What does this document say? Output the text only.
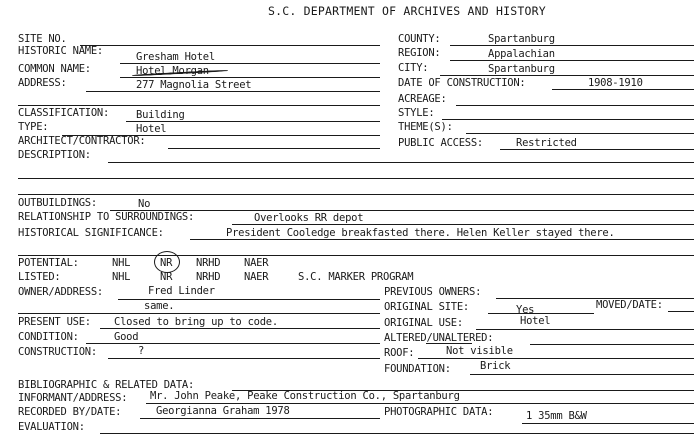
S.C. DEPARTMENT OF ARCHIVES AND HISTORY
SITE NO.
HISTORIC NAME:	Gresham Hotel
COMMON NAME:	Hotel Morgan
ADDRESS:	277 Magnolia Street
CLASSIFICATION:	Building
TYPE:	Hotel
ARCHITECT/CONTRACTOR:
DESCRIPTION:
COUNTY:	Spartanburg
REGION:	Appalachian
CITY:	Spartanburg
DATE OF CONSTRUCTION:	1908-1910
ACREAGE:
STYLE:
THEME(S):
PUBLIC ACCESS:	Restricted
OUTBUILDINGS:	No
RELATIONSHIP TO SURROUNDINGS:	Overlooks RR depot
HISTORICAL SIGNIFICANCE:	President Cooledge breakfasted there. Helen Keller stayed there.
POTENTIAL:	NHL	NR NRHD NAER
LISTED:	NHL	NR NRHD NAER	S.C. MARKER PROGRAM
OWNER/ADDRESS:	Fred Linder
same.
PREVIOUS OWNERS:
ORIGINAL SITE:	Yes	MOVED/DATE:
PRESENT USE: Closed to bring up to code.	ORIGINAL USE:	Hotel
CONDITION:	Good	ALTERED/UNALTERED:
CONSTRUCTION:	?	ROOF:	Not visible
FOUNDATION:	Brick
BIBLIOGRAPHIC & RELATED DATA:
INFORMANT/ADDRESS: Mr. John Peake, Peake Construction Co., Spartanburg
RECORDED BY/DATE:	Georgianna Graham 1978	PHOTOGRAPHIC DATA:	1 35mm B&W
EVALUATION:
